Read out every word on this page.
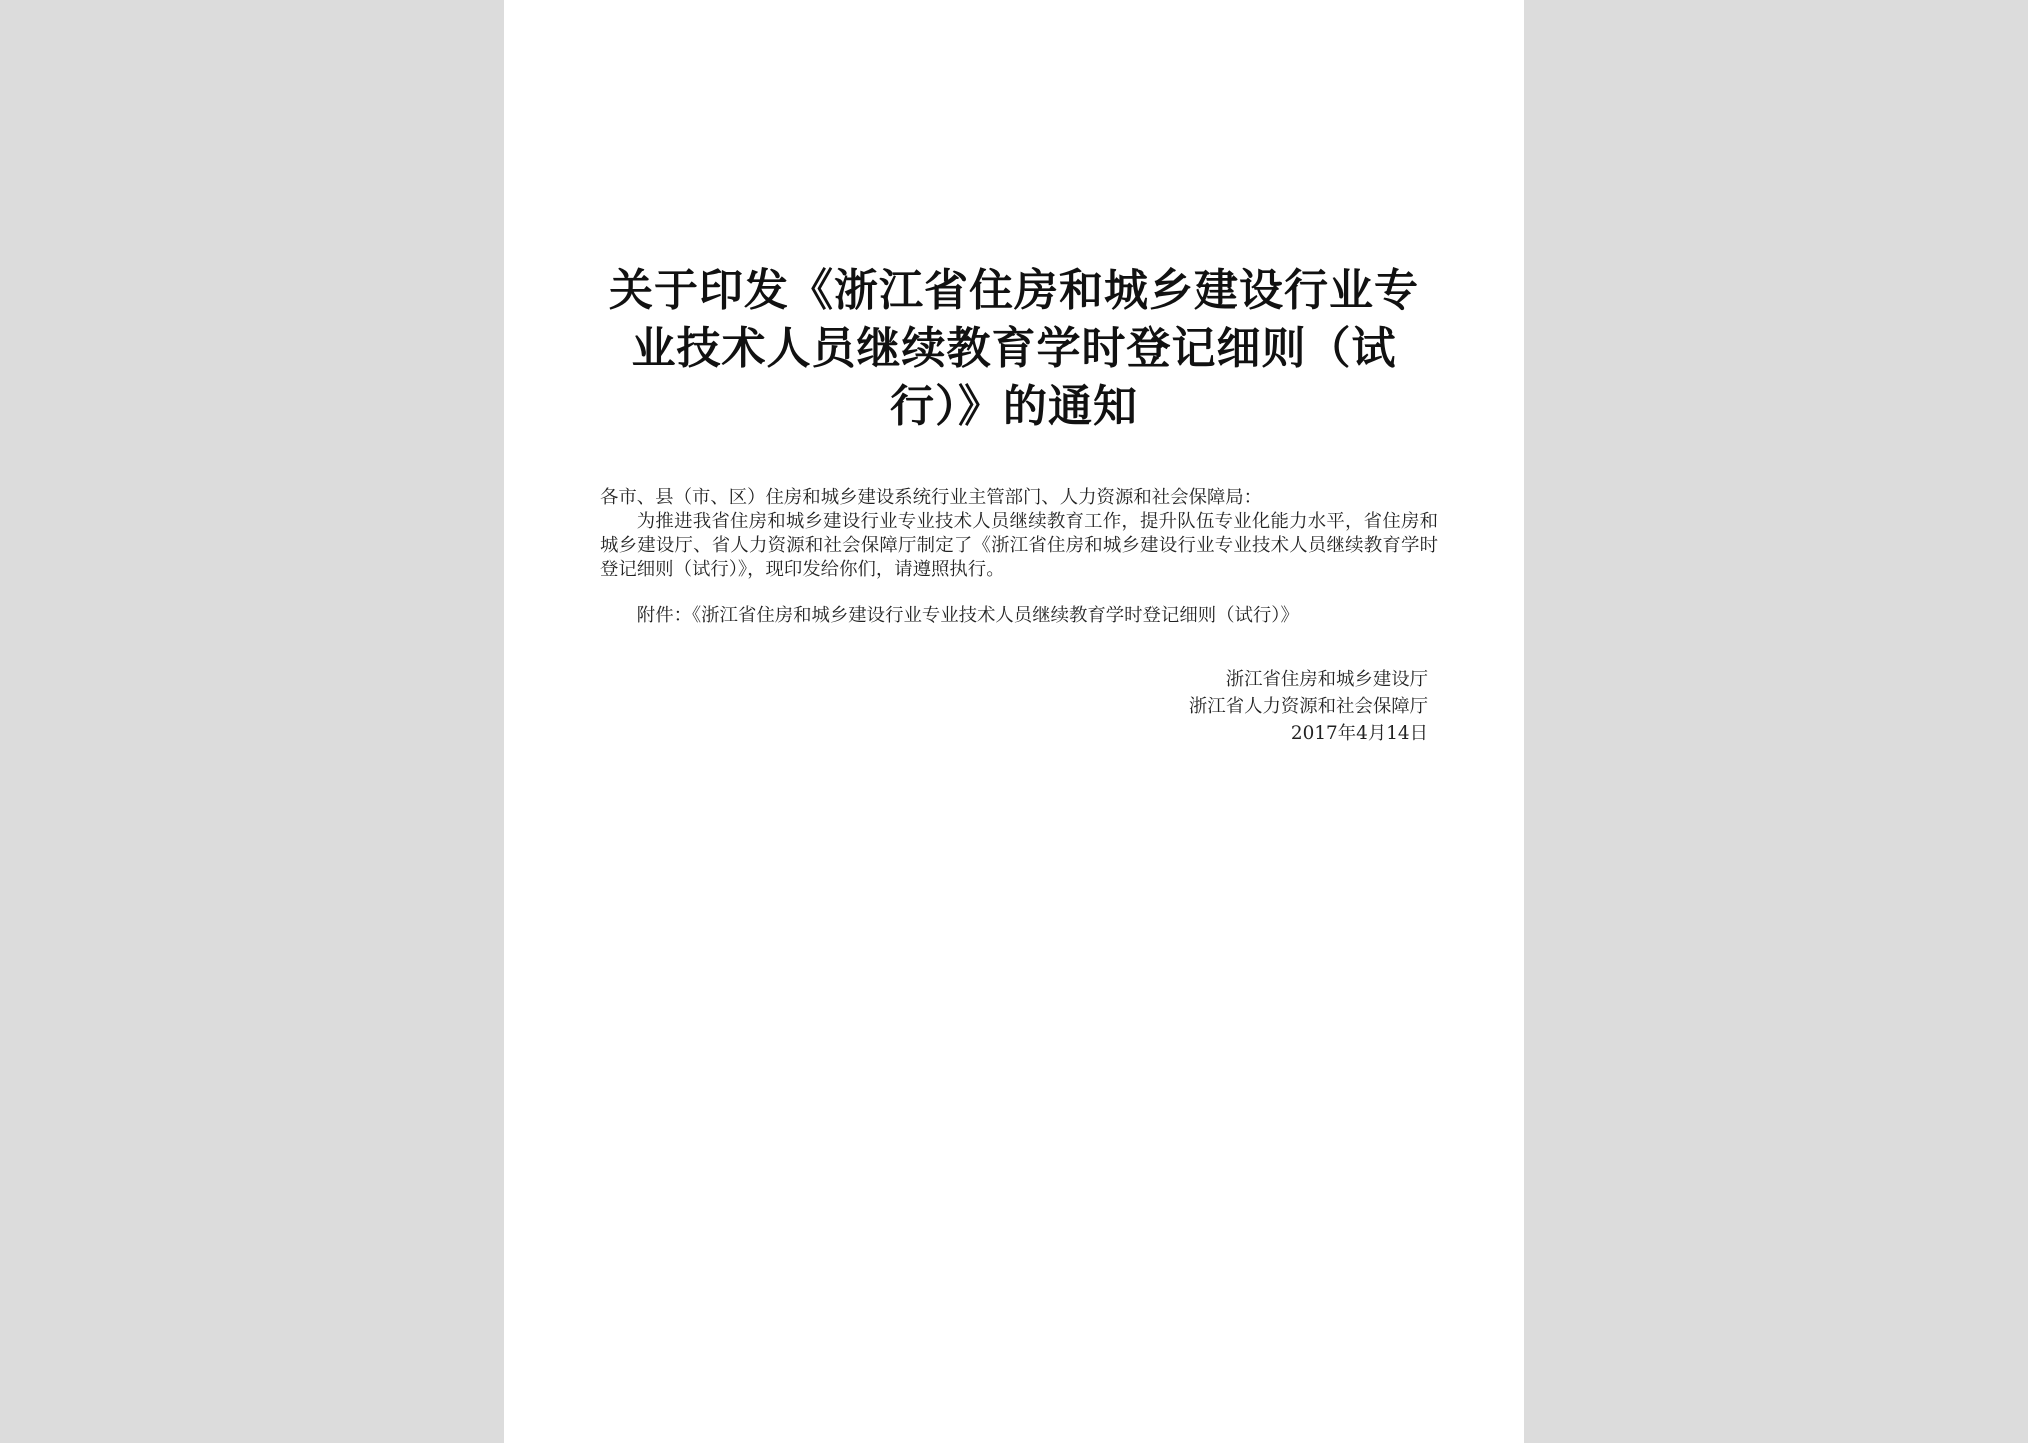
关于印发《浙江省住房和城乡建设行业专业技术人员继续教育学时登记细则（试行）》的通知

各市、县（市、区）住房和城乡建设系统行业主管部门、人力资源和社会保障局：

为推进我省住房和城乡建设行业专业技术人员继续教育工作，提升队伍专业化能力水平，省住房和城乡建设厅、省人力资源和社会保障厅制定了《浙江省住房和城乡建设行业专业技术人员继续教育学时登记细则（试行）》，现印发给你们，请遵照执行。

附件：《浙江省住房和城乡建设行业专业技术人员继续教育学时登记细则（试行）》

浙江省住房和城乡建设厅
浙江省人力资源和社会保障厅
2017年4月14日
